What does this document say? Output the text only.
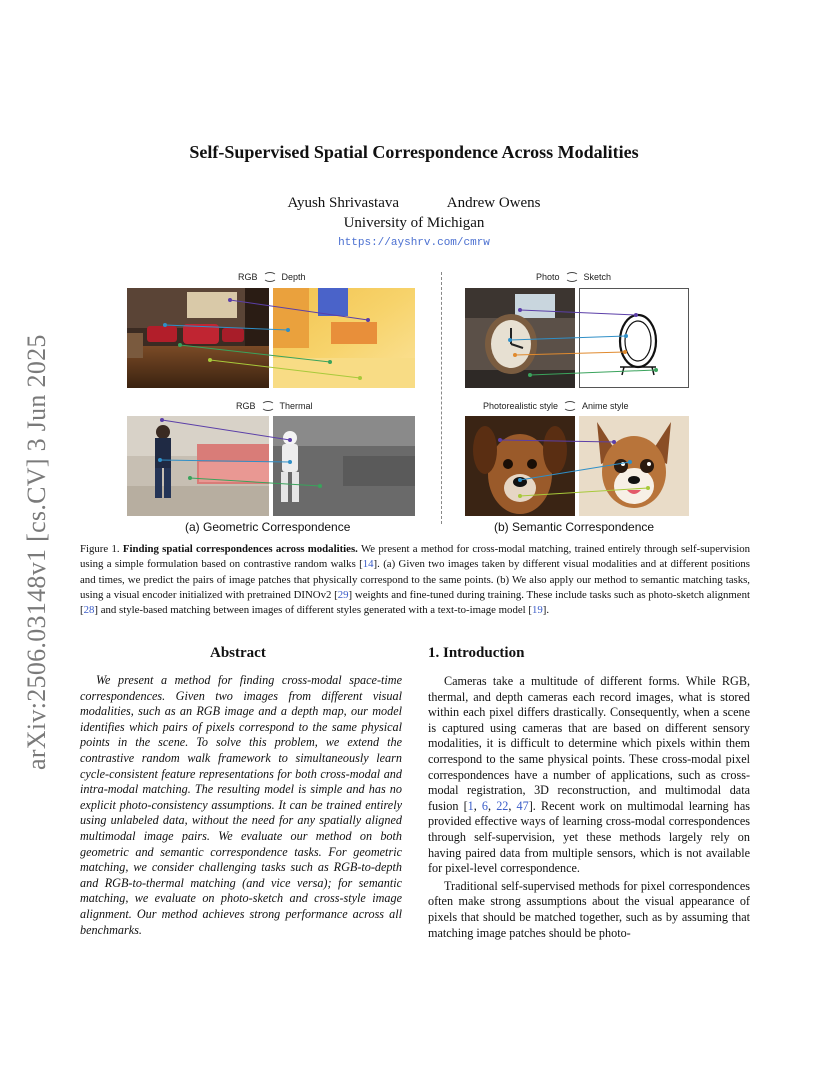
arXiv:2506.03148v1 [cs.CV] 3 Jun 2025
Self-Supervised Spatial Correspondence Across Modalities
Ayush Shrivastava	Andrew Owens
University of Michigan
https://ayshrv.com/cmrw
RGB	Depth
RGB	Thermal
Photo	Sketch
Photorealistic style	Anime style
(a) Geometric Correspondence	(b) Semantic Correspondence
Figure 1. Finding spatial correspondences across modalities. We present a method for cross-modal matching, trained entirely through self-supervision using a simple formulation based on contrastive random walks [14]. (a) Given two images taken by different visual modalities and at different positions and times, we predict the pairs of image patches that physically correspond to the same points. (b) We also apply our method to semantic matching tasks, using a visual encoder initialized with pretrained DINOv2 [29] weights and fine-tuned during training. These include tasks such as photo-sketch alignment [28] and style-based matching between images of different styles generated with a text-to-image model [19].
Abstract

We present a method for finding cross-modal space-time correspondences. Given two images from different visual modalities, such as an RGB image and a depth map, our model identifies which pairs of pixels correspond to the same physical points in the scene. To solve this problem, we extend the contrastive random walk framework to simultaneously learn cycle-consistent feature representations for both cross-modal and intra-modal matching. The resulting model is simple and has no explicit photo-consistency assumptions. It can be trained entirely using unlabeled data, without the need for any spatially aligned multimodal image pairs. We evaluate our method on both geometric and semantic correspondence tasks. For geometric matching, we consider challenging tasks such as RGB-to-depth and RGB-to-thermal matching (and vice versa); for semantic matching, we evaluate on photo-sketch and cross-style image alignment. Our method achieves strong performance across all benchmarks.

1. Introduction

Cameras take a multitude of different forms. While RGB, thermal, and depth cameras each record images, what is stored within each pixel differs drastically. Consequently, when a scene is captured using cameras that are based on different sensory modalities, it is difficult to determine which pixels within them correspond to the same physical points. These cross-modal pixel correspondences have a number of applications, such as cross-modal registration, 3D reconstruction, and multimodal data fusion [1, 6, 22, 47]. Recent work on multimodal learning has provided effective ways of learning cross-modal correspondences through self-supervision, yet these methods largely rely on having paired data from multiple sensors, which is not available for pixel-level correspondence.

Traditional self-supervised methods for pixel correspondences often make strong assumptions about the visual appearance of pixels that should be matched together, such as by assuming that matching image patches should be photo-
